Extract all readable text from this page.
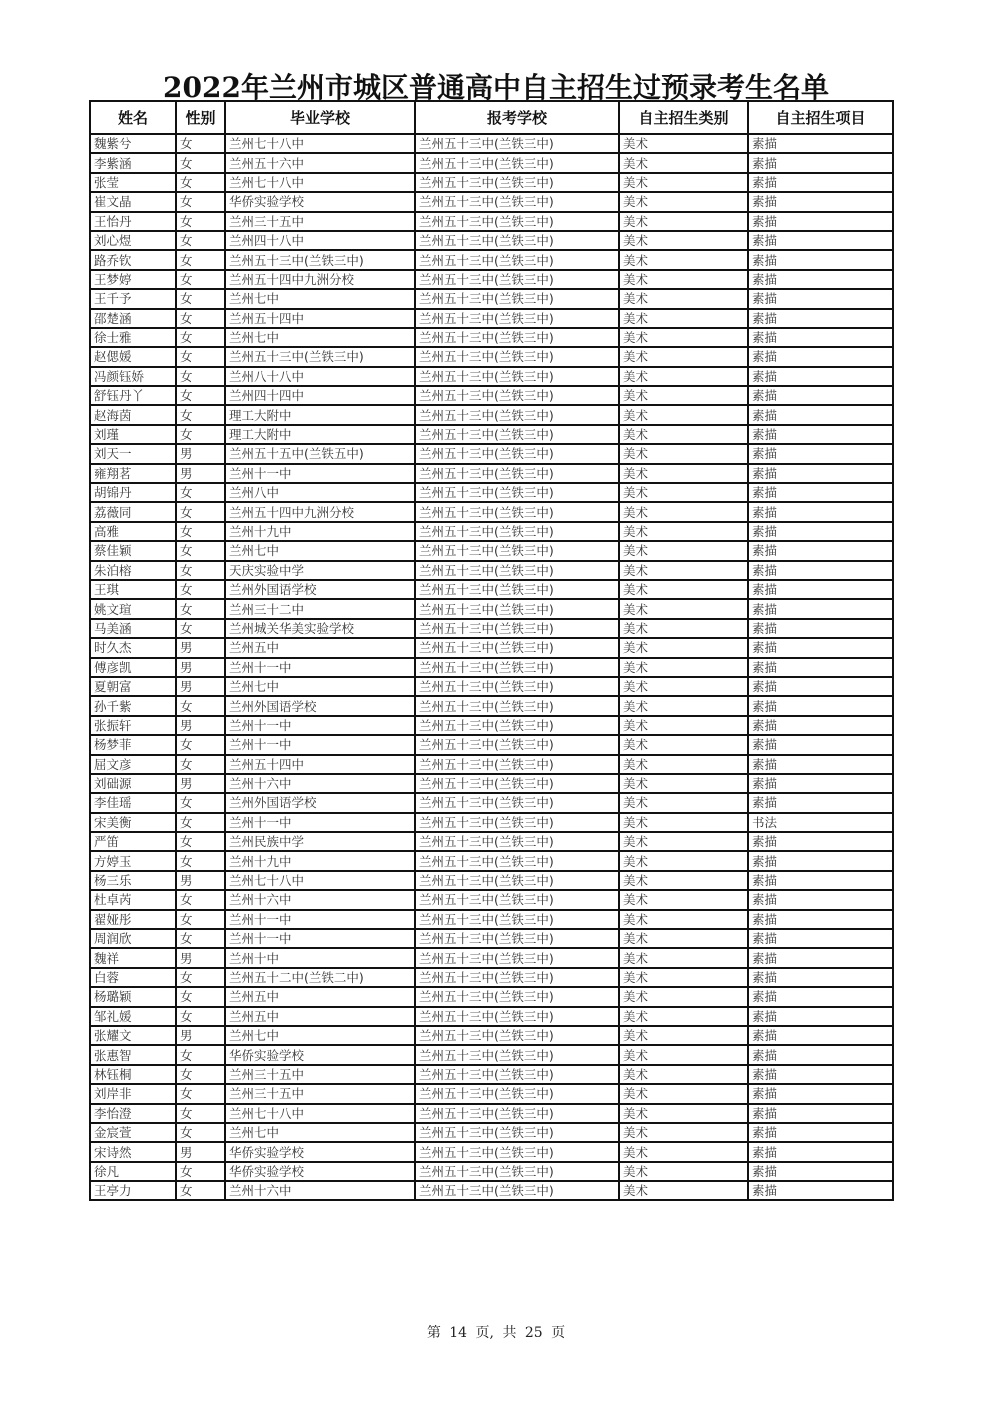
2022年兰州市城区普通高中自主招生过预录考生名单
姓名	性别	毕业学校	报考学校	自主招生类别	自主招生项目
魏紫兮	女	兰州七十八中	兰州五十三中(兰铁三中)	美术	素描
李紫涵	女	兰州五十六中	兰州五十三中(兰铁三中)	美术	素描
张莹	女	兰州七十八中	兰州五十三中(兰铁三中)	美术	素描
崔文晶	女	华侨实验学校	兰州五十三中(兰铁三中)	美术	素描
王怡丹	女	兰州三十五中	兰州五十三中(兰铁三中)	美术	素描
刘心煜	女	兰州四十八中	兰州五十三中(兰铁三中)	美术	素描
路乔钦	女	兰州五十三中(兰铁三中)	兰州五十三中(兰铁三中)	美术	素描
王梦婷	女	兰州五十四中九洲分校	兰州五十三中(兰铁三中)	美术	素描
王千予	女	兰州七中	兰州五十三中(兰铁三中)	美术	素描
邵楚涵	女	兰州五十四中	兰州五十三中(兰铁三中)	美术	素描
徐士雅	女	兰州七中	兰州五十三中(兰铁三中)	美术	素描
赵偲媛	女	兰州五十三中(兰铁三中)	兰州五十三中(兰铁三中)	美术	素描
冯颜钰娇	女	兰州八十八中	兰州五十三中(兰铁三中)	美术	素描
舒钰丹丫	女	兰州四十四中	兰州五十三中(兰铁三中)	美术	素描
赵海茵	女	理工大附中	兰州五十三中(兰铁三中)	美术	素描
刘瑾	女	理工大附中	兰州五十三中(兰铁三中)	美术	素描
刘天一	男	兰州五十五中(兰铁五中)	兰州五十三中(兰铁三中)	美术	素描
雍翔茗	男	兰州十一中	兰州五十三中(兰铁三中)	美术	素描
胡锦丹	女	兰州八中	兰州五十三中(兰铁三中)	美术	素描
荔薇同	女	兰州五十四中九洲分校	兰州五十三中(兰铁三中)	美术	素描
高雅	女	兰州十九中	兰州五十三中(兰铁三中)	美术	素描
蔡佳颖	女	兰州七中	兰州五十三中(兰铁三中)	美术	素描
朱泊榕	女	天庆实验中学	兰州五十三中(兰铁三中)	美术	素描
王琪	女	兰州外国语学校	兰州五十三中(兰铁三中)	美术	素描
姚文瑄	女	兰州三十二中	兰州五十三中(兰铁三中)	美术	素描
马美涵	女	兰州城关华美实验学校	兰州五十三中(兰铁三中)	美术	素描
时久杰	男	兰州五中	兰州五十三中(兰铁三中)	美术	素描
傅彦凯	男	兰州十一中	兰州五十三中(兰铁三中)	美术	素描
夏朝富	男	兰州七中	兰州五十三中(兰铁三中)	美术	素描
孙千紫	女	兰州外国语学校	兰州五十三中(兰铁三中)	美术	素描
张振轩	男	兰州十一中	兰州五十三中(兰铁三中)	美术	素描
杨梦菲	女	兰州十一中	兰州五十三中(兰铁三中)	美术	素描
屈文彦	女	兰州五十四中	兰州五十三中(兰铁三中)	美术	素描
刘础源	男	兰州十六中	兰州五十三中(兰铁三中)	美术	素描
李佳瑶	女	兰州外国语学校	兰州五十三中(兰铁三中)	美术	素描
宋美衡	女	兰州十一中	兰州五十三中(兰铁三中)	美术	书法
严笛	女	兰州民族中学	兰州五十三中(兰铁三中)	美术	素描
方婷玉	女	兰州十九中	兰州五十三中(兰铁三中)	美术	素描
杨三乐	男	兰州七十八中	兰州五十三中(兰铁三中)	美术	素描
杜卓芮	女	兰州十六中	兰州五十三中(兰铁三中)	美术	素描
翟娅彤	女	兰州十一中	兰州五十三中(兰铁三中)	美术	素描
周润欣	女	兰州十一中	兰州五十三中(兰铁三中)	美术	素描
魏祥	男	兰州十中	兰州五十三中(兰铁三中)	美术	素描
白蓉	女	兰州五十二中(兰铁二中)	兰州五十三中(兰铁三中)	美术	素描
杨璐颖	女	兰州五中	兰州五十三中(兰铁三中)	美术	素描
邹礼媛	女	兰州五中	兰州五十三中(兰铁三中)	美术	素描
张耀文	男	兰州七中	兰州五十三中(兰铁三中)	美术	素描
张惠智	女	华侨实验学校	兰州五十三中(兰铁三中)	美术	素描
林钰桐	女	兰州三十五中	兰州五十三中(兰铁三中)	美术	素描
刘岸非	女	兰州三十五中	兰州五十三中(兰铁三中)	美术	素描
李怡澄	女	兰州七十八中	兰州五十三中(兰铁三中)	美术	素描
金宸萱	女	兰州七中	兰州五十三中(兰铁三中)	美术	素描
宋诗然	男	华侨实验学校	兰州五十三中(兰铁三中)	美术	素描
徐凡	女	华侨实验学校	兰州五十三中(兰铁三中)	美术	素描
王亭力	女	兰州十六中	兰州五十三中(兰铁三中)	美术	素描
第 14 页, 共 25 页
